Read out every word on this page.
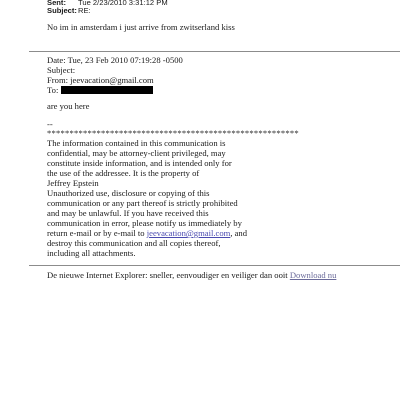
Sent: Tue 2/23/2010 3:31:12 PM
Subject:RE:
No im in amsterdam i just arrive from zwitserland kiss
Date: Tue, 23 Feb 2010 07:19:28 -0500
Subject:
From: jeevacation@gmail.com
To:
are you here
--
********************************************************
The information contained in this communication is
confidential, may be attorney-client privileged, may
constitute inside information, and is intended only for
the use of the addressee. It is the property of
Jeffrey Epstein
Unauthorized use, disclosure or copying of this
communication or any part thereof is strictly prohibited
and may be unlawful. If you have received this
communication in error, please notify us immediately by
return e-mail or by e-mail to jeevacation@gmail.com, and
destroy this communication and all copies thereof,
including all attachments.
De nieuwe Internet Explorer: sneller, eenvoudiger en veiliger dan ooit Download nu
